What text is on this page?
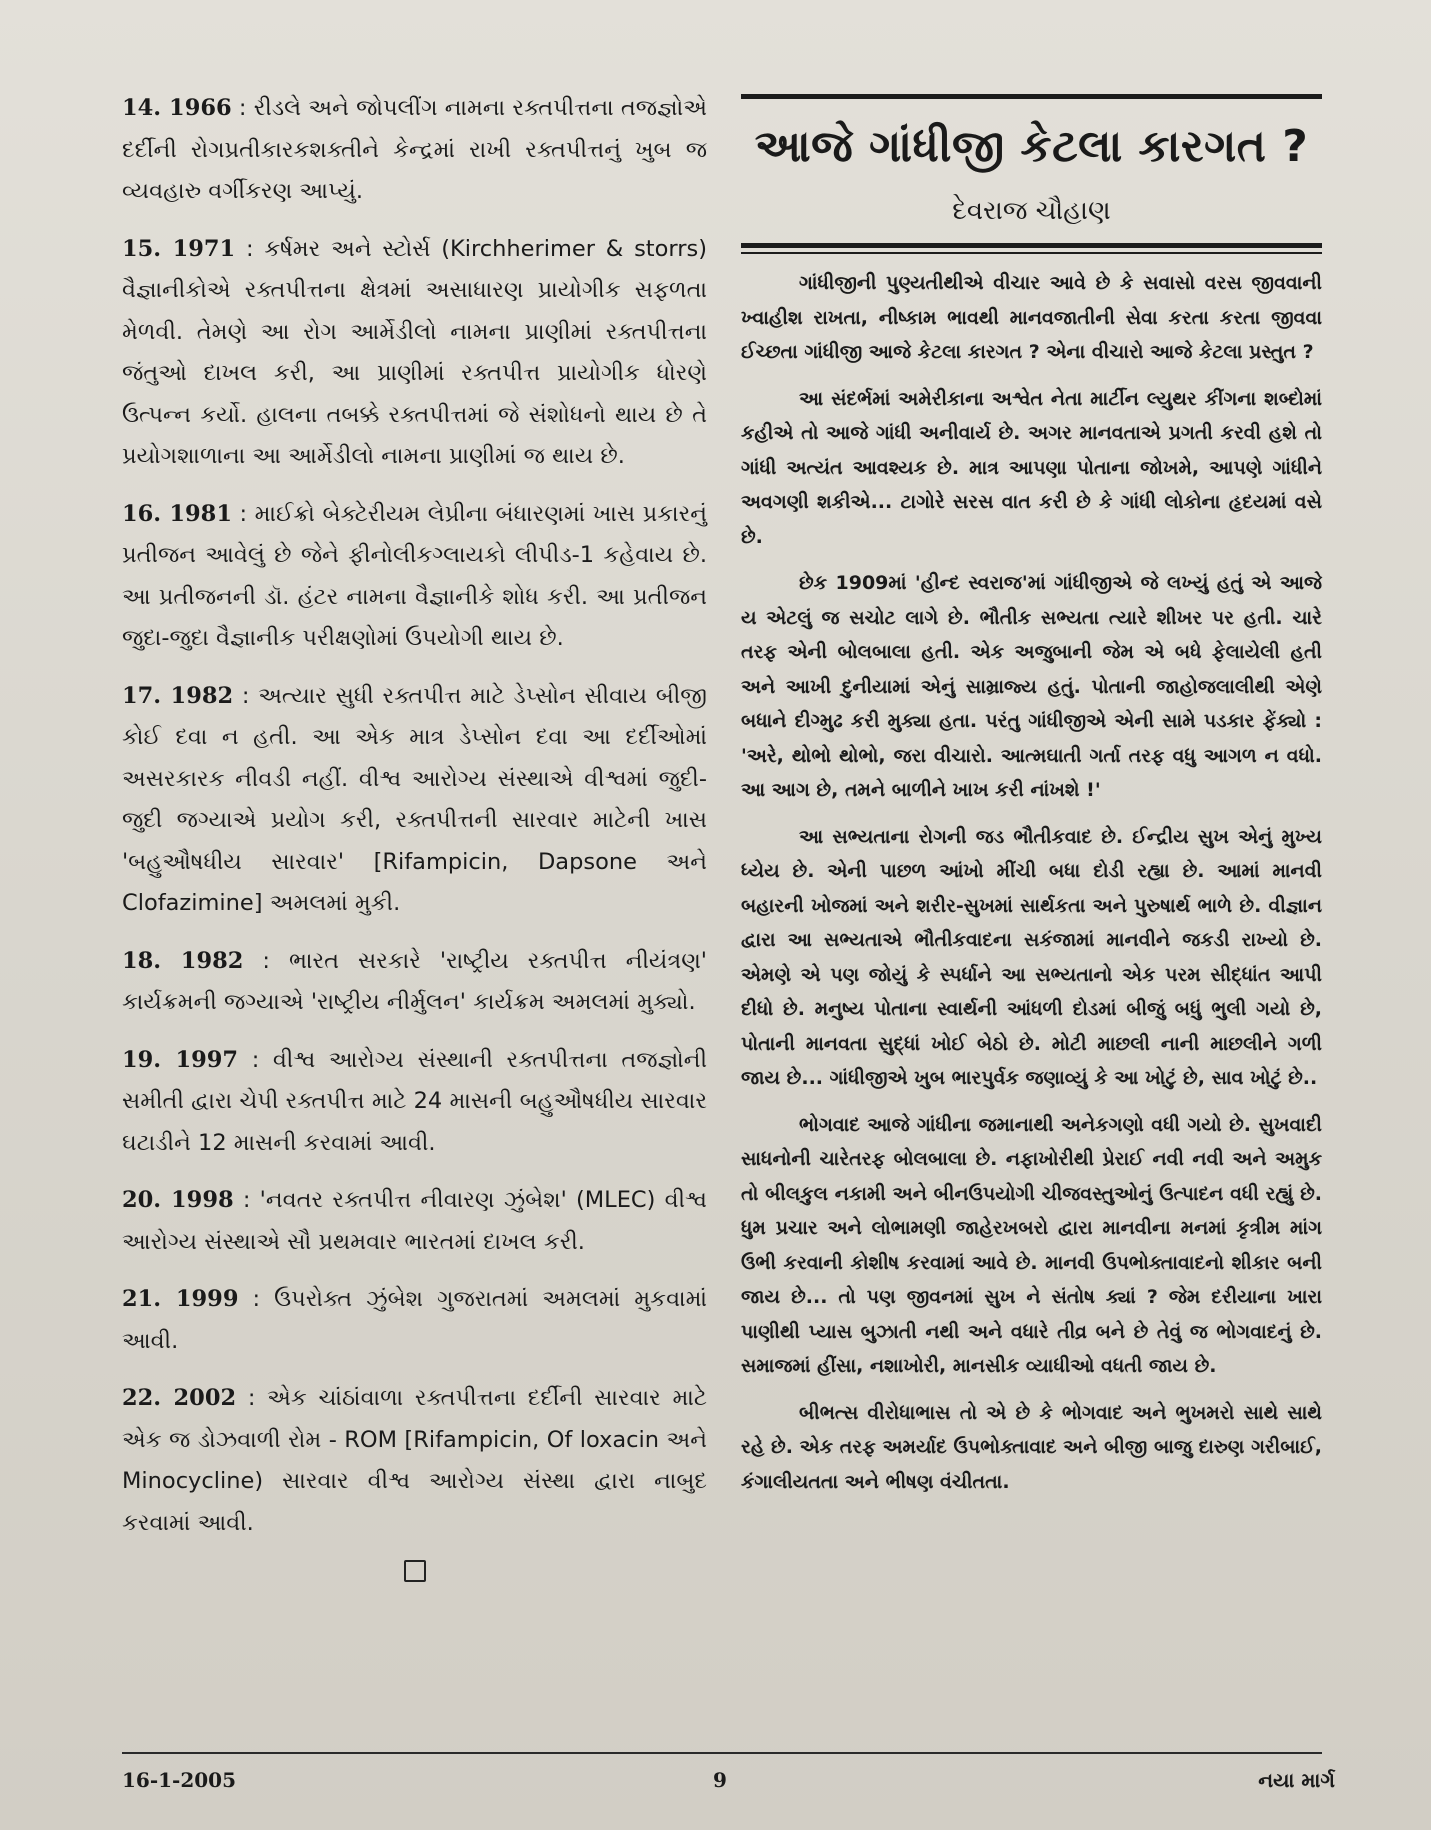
14. 1966 : રીડલે અને જોપલીંગ નામના રક્તપીત્તના તજજ્ઞોએ દર્દીની રોગપ્રતીકારકશક્તીને કેન્દ્રમાં રાખી રક્તપીત્તનું ખુબ જ વ્યવહારુ વર્ગીકરણ આપ્યું.

15. 1971 : કર્ષમર અને સ્ટોર્સ (Kirchherimer & storrs) વૈજ્ઞાનીકોએ રક્તપીત્તના ક્ષેત્રમાં અસાધારણ પ્રાયોગીક સફળતા મેળવી. તેમણે આ રોગ આર્મેડીલો નામના પ્રાણીમાં રક્તપીત્તના જંતુઓ દાખલ કરી, આ પ્રાણીમાં રક્તપીત્ત પ્રાયોગીક ધોરણે ઉત્પન્ન કર્યો. હાલના તબક્કે રક્તપીત્તમાં જે સંશોધનો થાય છે તે પ્રયોગશાળાના આ આર્મેડીલો નામના પ્રાણીમાં જ થાય છે.

16. 1981 : માઈક્રો બેક્ટેરીયમ લેપ્રીના બંધારણમાં ખાસ પ્રકારનું પ્રતીજન આવેલું છે જેને ફીનોલીકગ્લાયકો લીપીડ-1 કહેવાય છે. આ પ્રતીજનની ડૉ. હંટર નામના વૈજ્ઞાનીકે શોધ કરી. આ પ્રતીજન જુદા-જુદા વૈજ્ઞાનીક પરીક્ષણોમાં ઉપયોગી થાય છે.

17. 1982 : અત્યાર સુધી રક્તપીત્ત માટે ડેપ્સોન સીવાય બીજી કોઈ દવા ન હતી. આ એક માત્ર ડેપ્સોન દવા આ દર્દીઓમાં અસરકારક નીવડી નહીં. વીશ્વ આરોગ્ય સંસ્થાએ વીશ્વમાં જુદી-જુદી જગ્યાએ પ્રયોગ કરી, રક્તપીત્તની સારવાર માટેની ખાસ 'બહુઔષધીય સારવાર' [Rifampicin, Dapsone અને Clofazimine] અમલમાં મુકી.

18. 1982 : ભારત સરકારે 'રાષ્ટ્રીય રક્તપીત્ત નીયંત્રણ' કાર્યક્રમની જગ્યાએ 'રાષ્ટ્રીય નીર્મુલન' કાર્યક્રમ અમલમાં મુક્યો.

19. 1997 : વીશ્વ આરોગ્ય સંસ્થાની રક્તપીત્તના તજજ્ઞોની સમીતી દ્વારા ચેપી રક્તપીત્ત માટે 24 માસની બહુઔષધીય સારવાર ઘટાડીને 12 માસની કરવામાં આવી.

20. 1998 : 'નવતર રક્તપીત્ત નીવારણ ઝુંબેશ' (MLEC) વીશ્વ આરોગ્ય સંસ્થાએ સૌ પ્રથમવાર ભારતમાં દાખલ કરી.

21. 1999 : ઉપરોક્ત ઝુંબેશ ગુજરાતમાં અમલમાં મુકવામાં આવી.

22. 2002 : એક ચાંઠાંવાળા રક્તપીત્તના દર્દીની સારવાર માટે એક જ ડોઝવાળી રોમ - ROM [Rifampicin, Of loxacin અને Minocycline) સારવાર વીશ્વ આરોગ્ય સંસ્થા દ્વારા નાબુદ કરવામાં આવી.

આજે ગાંધીજી કેટલા કારગત ?
દેવરાજ ચૌહાણ

ગાંધીજીની પુણ્યતીથીએ વીચાર આવે છે કે સવાસો વરસ જીવવાની ખ્વાહીશ રાખતા, નીષ્કામ ભાવથી માનવજાતીની સેવા કરતા કરતા જીવવા ઈચ્છતા ગાંધીજી આજે કેટલા કારગત ? એના વીચારો આજે કેટલા પ્રસ્તુત ?

આ સંદર્ભમાં અમેરીકાના અશ્વેત નેતા માર્ટીન લ્યુથર કીંગના શબ્દોમાં કહીએ તો આજે ગાંધી અનીવાર્ય છે. અગર માનવતાએ પ્રગતી કરવી હશે તો ગાંધી અત્યંત આવશ્યક છે. માત્ર આપણા પોતાના જોખમે, આપણે ગાંધીને અવગણી શકીએ... ટાગોરે સરસ વાત કરી છે કે ગાંધી લોકોના હૃદયમાં વસે છે.

છેક 1909માં 'હીન્દ સ્વરાજ'માં ગાંધીજીએ જે લખ્યું હતું એ આજે ય એટલું જ સચોટ લાગે છે. ભૌતીક સભ્યતા ત્યારે શીખર પર હતી. ચારે તરફ એની બોલબાલા હતી. એક અજુબાની જેમ એ બધે ફેલાયેલી હતી અને આખી દુનીયામાં એનું સામ્રાજ્ય હતું. પોતાની જાહોજલાલીથી એણે બધાને દીગ્મુઢ કરી મુક્યા હતા. પરંતુ ગાંધીજીએ એની સામે પડકાર ફેંક્યો : 'અરે, થોભો થોભો, જરા વીચારો. આત્મઘાતી ગર્તા તરફ વધુ આગળ ન વધો. આ આગ છે, તમને બાળીને ખાખ કરી નાંખશે !'

આ સભ્યતાના રોગની જડ ભૌતીકવાદ છે. ઈન્દ્રીય સુખ એનું મુખ્ય ધ્યેય છે. એની પાછળ આંખો મીંચી બધા દોડી રહ્યા છે. આમાં માનવી બહારની ખોજમાં અને શરીર-સુખમાં સાર્થકતા અને પુરુષાર્થ ભાળે છે. વીજ્ઞાન દ્વારા આ સભ્યતાએ ભૌતીકવાદના સકંજામાં માનવીને જકડી રાખ્યો છે. એમણે એ પણ જોયું કે સ્પર્ધાને આ સભ્યતાનો એક પરમ સીદ્ધાંત આપી દીધો છે. મનુષ્ય પોતાના સ્વાર્થની આંધળી દોડમાં બીજું બધું ભુલી ગયો છે, પોતાની માનવતા સુદ્ધાં ખોઈ બેઠો છે. મોટી માછલી નાની માછલીને ગળી જાય છે... ગાંધીજીએ ખુબ ભારપુર્વક જણાવ્યું કે આ ખોટું છે, સાવ ખોટું છે..

ભોગવાદ આજે ગાંધીના જમાનાથી અનેકગણો વધી ગયો છે. સુખવાદી સાધનોની ચારેતરફ બોલબાલા છે. નફાખોરીથી પ્રેરાઈ નવી નવી અને અમુક તો બીલકુલ નકામી અને બીનઉપયોગી ચીજવસ્તુઓનું ઉત્પાદન વધી રહ્યું છે. ધુમ પ્રચાર અને લોભામણી જાહેરખબરો દ્વારા માનવીના મનમાં કૃત્રીમ માંગ ઉભી કરવાની કોશીષ કરવામાં આવે છે. માનવી ઉપભોક્તાવાદનો શીકાર બની જાય છે... તો પણ જીવનમાં સુખ ને સંતોષ ક્યાં ? જેમ દરીયાના ખારા પાણીથી પ્યાસ બુઝાતી નથી અને વધારે તીવ્ર બને છે તેવું જ ભોગવાદનું છે. સમાજમાં હીંસા, નશાખોરી, માનસીક વ્યાધીઓ વધતી જાય છે.

બીભત્સ વીરોધાભાસ તો એ છે કે ભોગવાદ અને ભુખમરો સાથે સાથે રહે છે. એક તરફ અમર્યાદ ઉપભોક્તાવાદ અને બીજી બાજુ દારુણ ગરીબાઈ, કંગાલીયતતા અને ભીષણ વંચીતતા.

16-1-2005	9	નયા માર્ગ
